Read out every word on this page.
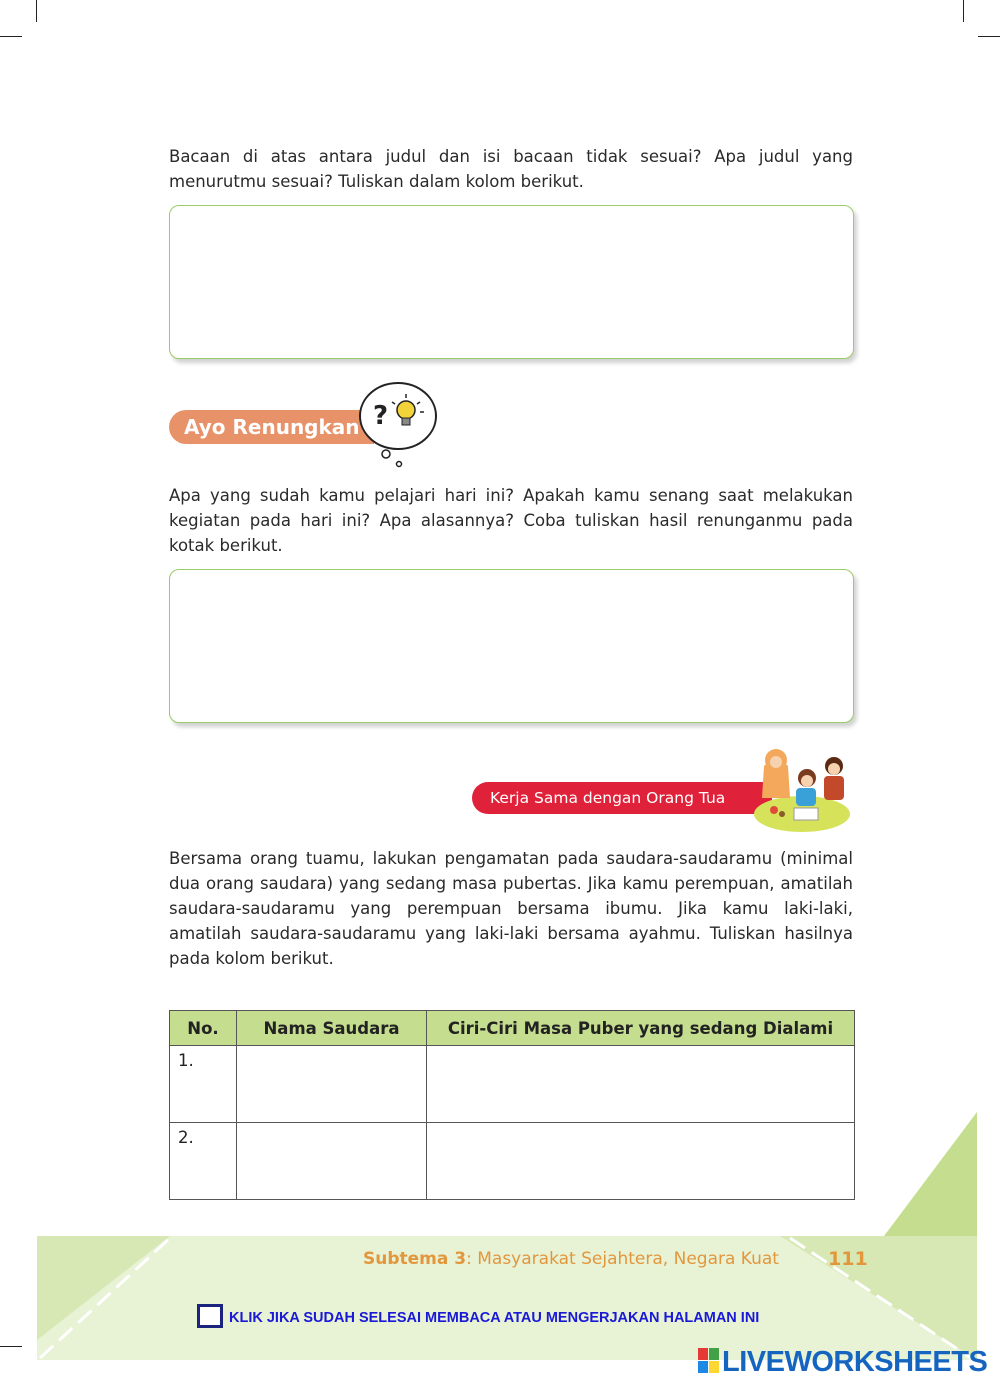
Bacaan di atas antara judul dan isi bacaan tidak sesuai? Apa judul yang menurutmu sesuai? Tuliskan dalam kolom berikut.

Ayo Renungkan ?

Apa yang sudah kamu pelajari hari ini? Apakah kamu senang saat melakukan kegiatan pada hari ini? Apa alasannya? Coba tuliskan hasil renunganmu pada kotak berikut.

Kerja Sama dengan Orang Tua

Bersama orang tuamu, lakukan pengamatan pada saudara-saudaramu (minimal dua orang saudara) yang sedang masa pubertas. Jika kamu perempuan, amatilah saudara-saudaramu yang perempuan bersama ibumu. Jika kamu laki-laki, amatilah saudara-saudaramu yang laki-laki bersama ayahmu. Tuliskan hasilnya pada kolom berikut.

No.	Nama Saudara	Ciri-Ciri Masa Puber yang sedang Dialami
1.		
2.		
Subtema 3: Masyarakat Sejahtera, Negara Kuat	111
KLIK JIKA SUDAH SELESAI MEMBACA ATAU MENGERJAKAN HALAMAN INI
LIVEWORKSHEETS
